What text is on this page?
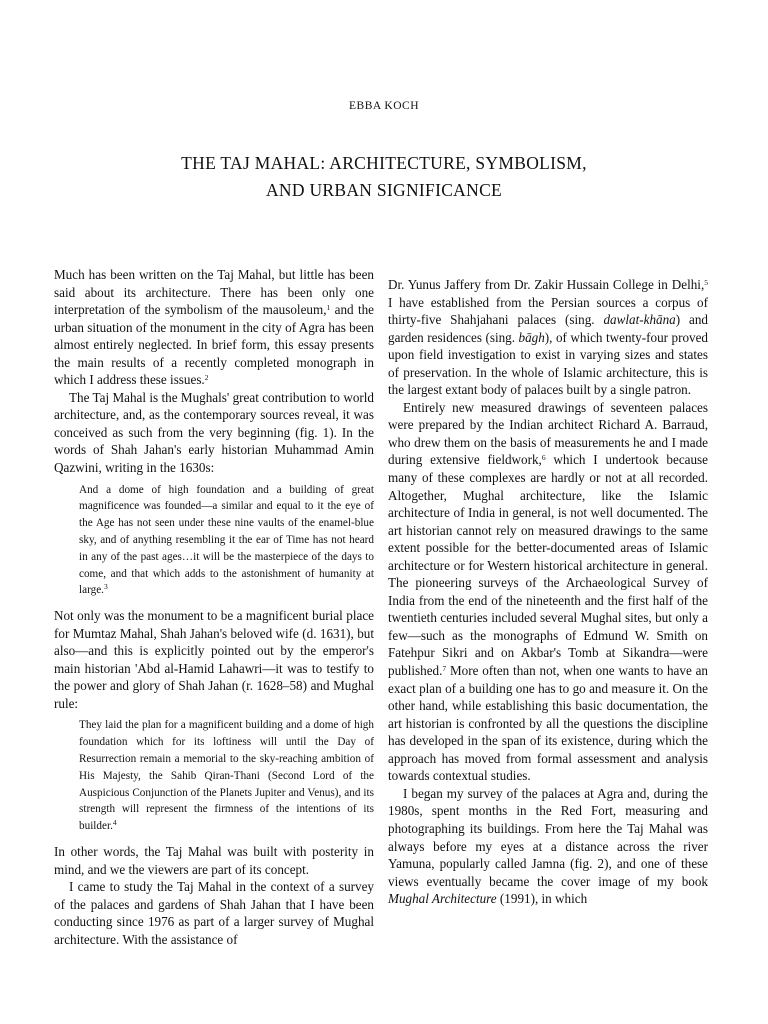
EBBA KOCH
THE TAJ MAHAL: ARCHITECTURE, SYMBOLISM,
AND URBAN SIGNIFICANCE

Much has been written on the Taj Mahal, but little has been said about its architecture. There has been only one interpretation of the symbolism of the mausoleum,$^1$ and the urban situation of the monument in the city of Agra has been almost entirely neglected. In brief form, this essay presents the main results of a recently completed monograph in which I address these issues.$^2$

The Taj Mahal is the Mughals' great contribution to world architecture, and, as the contemporary sources reveal, it was conceived as such from the very beginning (fig. 1). In the words of Shah Jahan's early historian Muhammad Amin Qazwini, writing in the 1630s:

And a dome of high foundation and a building of great magnificence was founded—a similar and equal to it the eye of the Age has not seen under these nine vaults of the enamel-blue sky, and of anything resembling it the ear of Time has not heard in any of the past ages…it will be the masterpiece of the days to come, and that which adds to the astonishment of humanity at large.$^3$

Not only was the monument to be a magnificent burial place for Mumtaz Mahal, Shah Jahan's beloved wife (d. 1631), but also—and this is explicitly pointed out by the emperor's main historian 'Abd al-Hamid Lahawri—it was to testify to the power and glory of Shah Jahan (r. 1628–58) and Mughal rule:

They laid the plan for a magnificent building and a dome of high foundation which for its loftiness will until the Day of Resurrection remain a memorial to the sky-reaching ambition of His Majesty, the Sahib Qiran-Thani (Second Lord of the Auspicious Conjunction of the Planets Jupiter and Venus), and its strength will represent the firmness of the intentions of its builder.$^4$

In other words, the Taj Mahal was built with posterity in mind, and we the viewers are part of its concept.

I came to study the Taj Mahal in the context of a survey of the palaces and gardens of Shah Jahan that I have been conducting since 1976 as part of a larger survey of Mughal architecture. With the assistance of

Dr. Yunus Jaffery from Dr. Zakir Hussain College in Delhi,$^5$ I have established from the Persian sources a corpus of thirty-five Shahjahani palaces (sing. dawlat-khāna) and garden residences (sing. bāgh), of which twenty-four proved upon field investigation to exist in varying sizes and states of preservation. In the whole of Islamic architecture, this is the largest extant body of palaces built by a single patron.

Entirely new measured drawings of seventeen palaces were prepared by the Indian architect Richard A. Barraud, who drew them on the basis of measurements he and I made during extensive fieldwork,$^6$ which I undertook because many of these complexes are hardly or not at all recorded. Altogether, Mughal architecture, like the Islamic architecture of India in general, is not well documented. The art historian cannot rely on measured drawings to the same extent possible for the better-documented areas of Islamic architecture or for Western historical architecture in general. The pioneering surveys of the Archaeological Survey of India from the end of the nineteenth and the first half of the twentieth centuries included several Mughal sites, but only a few—such as the monographs of Edmund W. Smith on Fatehpur Sikri and on Akbar's Tomb at Sikandra—were published.$^7$ More often than not, when one wants to have an exact plan of a building one has to go and measure it. On the other hand, while establishing this basic documentation, the art historian is confronted by all the questions the discipline has developed in the span of its existence, during which the approach has moved from formal assessment and analysis towards contextual studies.

I began my survey of the palaces at Agra and, during the 1980s, spent months in the Red Fort, measuring and photographing its buildings. From here the Taj Mahal was always before my eyes at a distance across the river Yamuna, popularly called Jamna (fig. 2), and one of these views eventually became the cover image of my book Mughal Architecture (1991), in which
